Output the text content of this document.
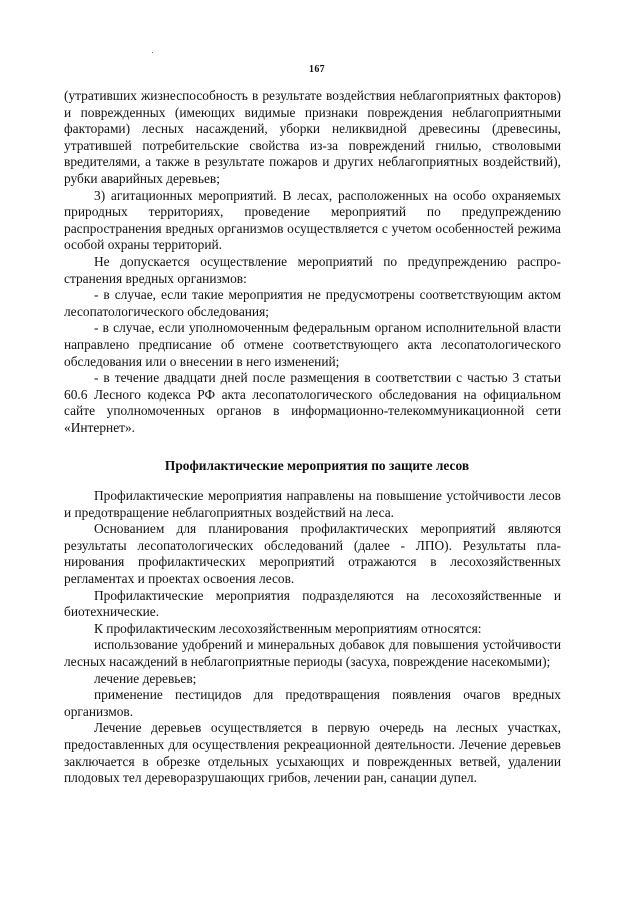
167

(утративших жизнеспособность в результате воздействия неблагоприятных факторов) и поврежденных (имеющих видимые признаки повреждения неблагоприятными факторами) лесных насаждений, уборки неликвидной древесины (древесины, утратившей потребительские свойства из-за повреждений гнилью, стволовыми вредителями, а также в результате пожаров и других неблагоприятных воздействий), рубки аварийных деревьев;

3) агитационных мероприятий. В лесах, расположенных на особо охраняемых природных территориях, проведение мероприятий по предупреждению распространения вредных организмов осуществляется с учетом особенностей режима особой охраны территорий.

Не допускается осуществление мероприятий по предупреждению распространения вредных организмов:

- в случае, если такие мероприятия не предусмотрены соответствующим актом лесопатологического обследования;

- в случае, если уполномоченным федеральным органом исполнительной власти направлено предписание об отмене соответствующего акта лесопатологического обследования или о внесении в него изменений;

- в течение двадцати дней после размещения в соответствии с частью 3 статьи 60.6 Лесного кодекса РФ акта лесопатологического обследования на официальном сайте уполномоченных органов в информационно-телекоммуникационной сети «Интернет».

Профилактические мероприятия по защите лесов

Профилактические мероприятия направлены на повышение устойчивости лесов и предотвращение неблагоприятных воздействий на леса.

Основанием для планирования профилактических мероприятий являются результаты лесопатологических обследований (далее - ЛПО). Результаты планирования профилактических мероприятий отражаются в лесохозяйственных регламентах и проектах освоения лесов.

Профилактические мероприятия подразделяются на лесохозяйственные и биотехнические.

К профилактическим лесохозяйственным мероприятиям относятся:

использование удобрений и минеральных добавок для повышения устойчивости лесных насаждений в неблагоприятные периоды (засуха, повреждение насекомыми);

лечение деревьев;

применение пестицидов для предотвращения появления очагов вредных организмов.

Лечение деревьев осуществляется в первую очередь на лесных участках, предоставленных для осуществления рекреационной деятельности. Лечение деревьев заключается в обрезке отдельных усыхающих и поврежденных ветвей, удалении плодовых тел дереворазрушающих грибов, лечении ран, санации дупел.
